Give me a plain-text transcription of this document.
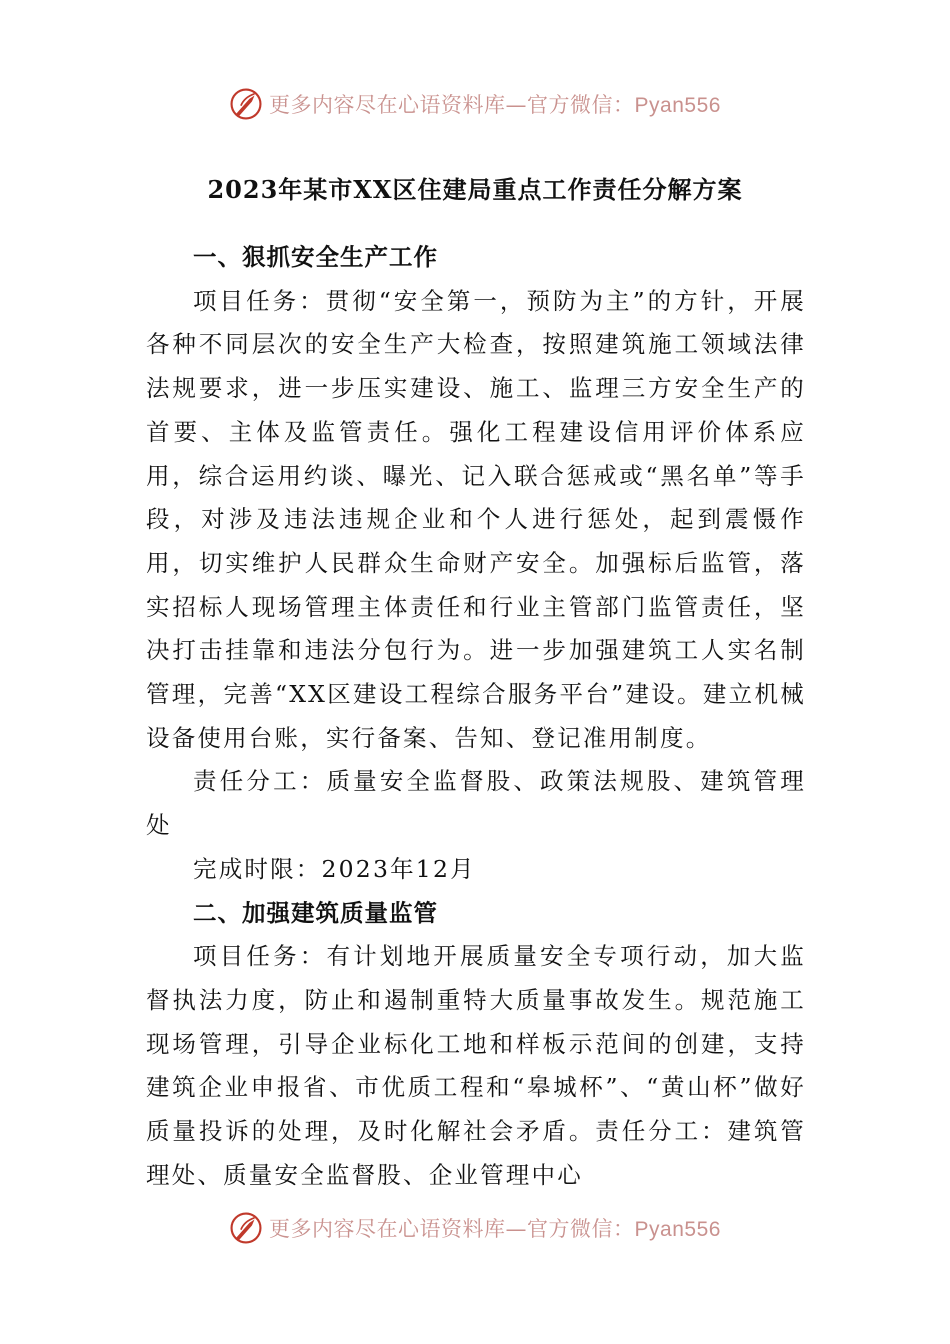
更多内容尽在心语资料库—官方微信：Pyan556
2023年某市XX区住建局重点工作责任分解方案
一、狠抓安全生产工作

项目任务：贯彻“安全第一，预防为主”的方针，开展各种不同层次的安全生产大检查，按照建筑施工领域法律法规要求，进一步压实建设、施工、监理三方安全生产的首要、主体及监管责任。强化工程建设信用评价体系应用，综合运用约谈、曝光、记入联合惩戒或“黑名单”等手段，对涉及违法违规企业和个人进行惩处，起到震慑作用，切实维护人民群众生命财产安全。加强标后监管，落实招标人现场管理主体责任和行业主管部门监管责任，坚决打击挂靠和违法分包行为。进一步加强建筑工人实名制管理，完善“XX区建设工程综合服务平台”建设。建立机械设备使用台账，实行备案、告知、登记准用制度。

责任分工：质量安全监督股、政策法规股、建筑管理处

完成时限：2023年12月

二、加强建筑质量监管

项目任务：有计划地开展质量安全专项行动，加大监督执法力度，防止和遏制重特大质量事故发生。规范施工现场管理，引导企业标化工地和样板示范间的创建，支持建筑企业申报省、市优质工程和“皋城杯”、“黄山杯”做好质量投诉的处理，及时化解社会矛盾。责任分工：建筑管理处、质量安全监督股、企业管理中心

更多内容尽在心语资料库—官方微信：Pyan556
